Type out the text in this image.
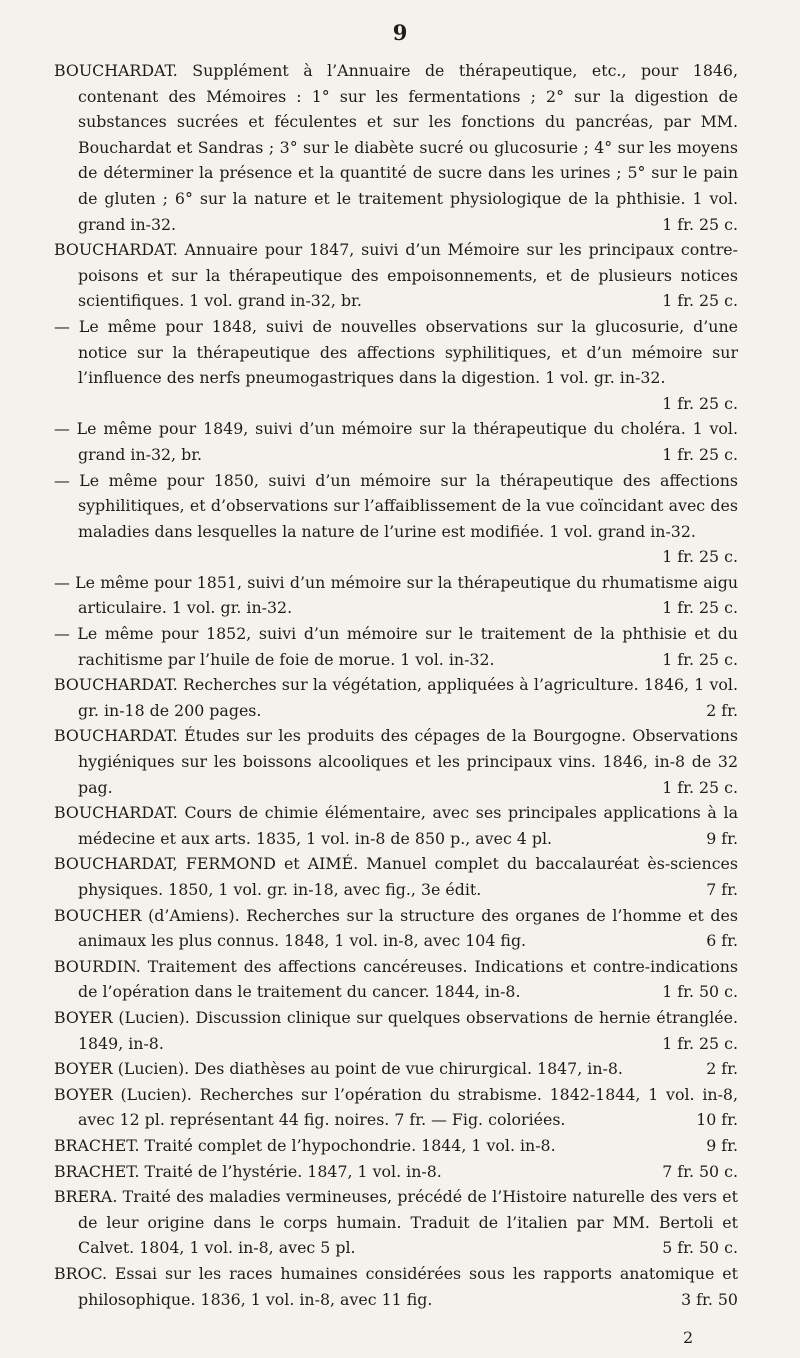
9
BOUCHARDAT. Supplément à l’Annuaire de thérapeutique, etc., pour 1846, contenant des Mémoires : 1° sur les fermentations ; 2° sur la digestion de substances sucrées et féculentes et sur les fonctions du pancréas, par MM. Bouchardat et Sandras ; 3° sur le diabète sucré ou glucosurie ; 4° sur les moyens de déterminer la présence et la quantité de sucre dans les urines ; 5° sur le pain de gluten ; 6° sur la nature et le traitement physiologique de la phthisie. 1 vol. grand in-32.	1 fr. 25 c.
BOUCHARDAT. Annuaire pour 1847, suivi d’un Mémoire sur les principaux contre-poisons et sur la thérapeutique des empoisonnements, et de plusieurs notices scientifiques. 1 vol. grand in-32, br.	1 fr. 25 c.
— Le même pour 1848, suivi de nouvelles observations sur la glucosurie, d’une notice sur la thérapeutique des affections syphilitiques, et d’un mémoire sur l’influence des nerfs pneumogastriques dans la digestion. 1 vol. gr. in-32.
1 fr. 25 c.
— Le même pour 1849, suivi d’un mémoire sur la thérapeutique du choléra. 1 vol. grand in-32, br.	1 fr. 25 c.
— Le même pour 1850, suivi d’un mémoire sur la thérapeutique des affections syphilitiques, et d’observations sur l’affaiblissement de la vue coïncidant avec des maladies dans lesquelles la nature de l’urine est modifiée. 1 vol. grand in-32.
1 fr. 25 c.
— Le même pour 1851, suivi d’un mémoire sur la thérapeutique du rhumatisme aigu articulaire. 1 vol. gr. in-32.	1 fr. 25 c.
— Le même pour 1852, suivi d’un mémoire sur le traitement de la phthisie et du rachitisme par l’huile de foie de morue. 1 vol. in-32.	1 fr. 25 c.
BOUCHARDAT. Recherches sur la végétation, appliquées à l’agriculture. 1846, 1 vol. gr. in-18 de 200 pages.	2 fr.
BOUCHARDAT. Études sur les produits des cépages de la Bourgogne. Observations hygiéniques sur les boissons alcooliques et les principaux vins. 1846, in-8 de 32 pag.	1 fr. 25 c.
BOUCHARDAT. Cours de chimie élémentaire, avec ses principales applications à la médecine et aux arts. 1835, 1 vol. in-8 de 850 p., avec 4 pl.	9 fr.
BOUCHARDAT, FERMOND et AIMÉ. Manuel complet du baccalauréat ès-sciences physiques. 1850, 1 vol. gr. in-18, avec fig., 3e édit.	7 fr.
BOUCHER (d’Amiens). Recherches sur la structure des organes de l’homme et des animaux les plus connus. 1848, 1 vol. in-8, avec 104 fig.	6 fr.
BOURDIN. Traitement des affections cancéreuses. Indications et contre-indications de l’opération dans le traitement du cancer. 1844, in-8.	1 fr. 50 c.
BOYER (Lucien). Discussion clinique sur quelques observations de hernie étranglée. 1849, in-8.	1 fr. 25 c.
BOYER (Lucien). Des diathèses au point de vue chirurgical. 1847, in-8.	2 fr.
BOYER (Lucien). Recherches sur l’opération du strabisme. 1842-1844, 1 vol. in-8, avec 12 pl. représentant 44 fig. noires. 7 fr. — Fig. coloriées.	10 fr.
BRACHET. Traité complet de l’hypochondrie. 1844, 1 vol. in-8.	9 fr.
BRACHET. Traité de l’hystérie. 1847, 1 vol. in-8.	7 fr. 50 c.
BRERA. Traité des maladies vermineuses, précédé de l’Histoire naturelle des vers et de leur origine dans le corps humain. Traduit de l’italien par MM. Bertoli et Calvet. 1804, 1 vol. in-8, avec 5 pl.	5 fr. 50 c.
BROC. Essai sur les races humaines considérées sous les rapports anatomique et philosophique. 1836, 1 vol. in-8, avec 11 fig.	3 fr. 50
2
